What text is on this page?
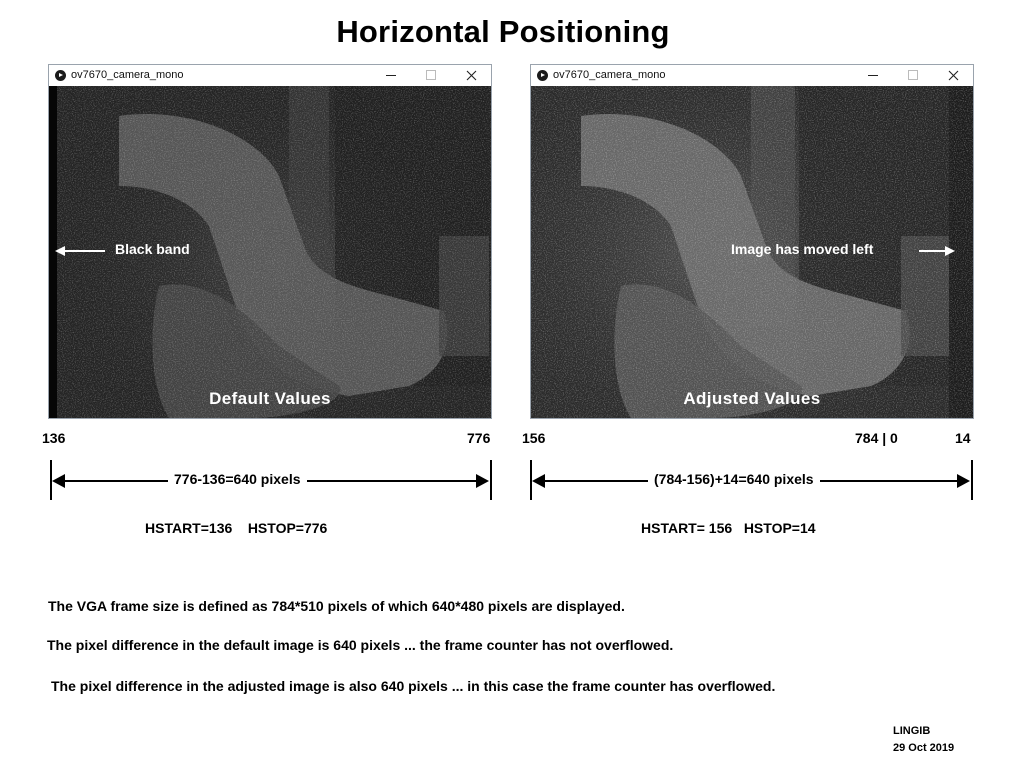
Horizontal Positioning
ov7670_camera_mono
Black band
Default Values
ov7670_camera_mono
Image has moved left
Adjusted Values
136	776
776-136=640 pixels
HSTART=136    HSTOP=776
156	784 | 0	14
(784-156)+14=640 pixels
HSTART= 156   HSTOP=14
The VGA frame size is defined as 784*510 pixels of which 640*480 pixels are displayed.
The pixel difference in the default image is 640 pixels ... the frame counter has not overflowed.
The pixel difference in the adjusted image is also 640 pixels ... in this case the frame counter has overflowed.
LINGIB
29 Oct 2019
